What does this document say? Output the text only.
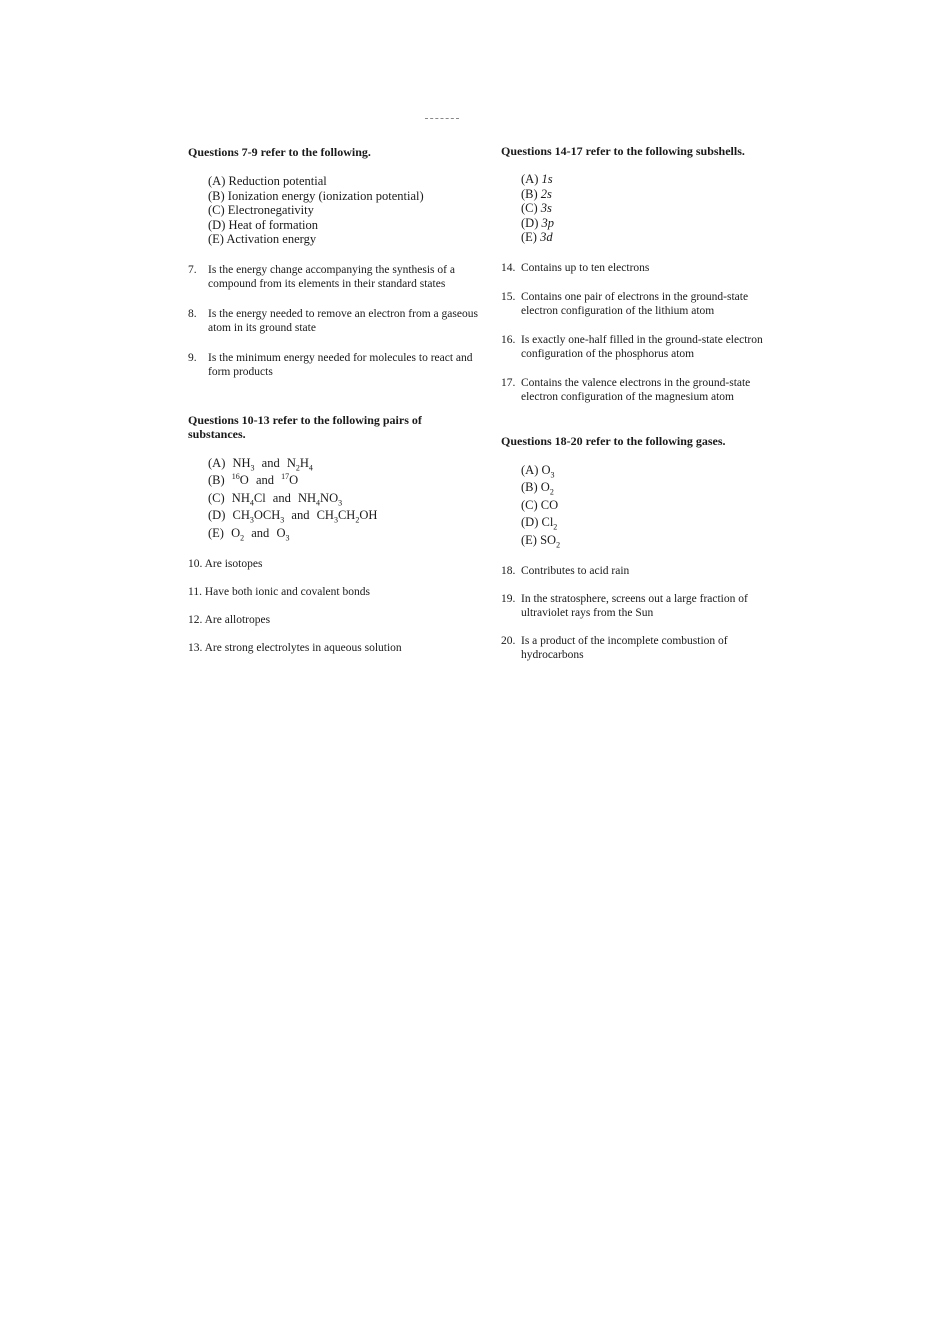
Questions 7-9 refer to the following.
(A) Reduction potential
(B) Ionization energy (ionization potential)
(C) Electronegativity
(D) Heat of formation
(E) Activation energy
7. Is the energy change accompanying the synthesis of a compound from its elements in their standard states
8. Is the energy needed to remove an electron from a gaseous atom in its ground state
9. Is the minimum energy needed for molecules to react and form products
Questions 10-13 refer to the following pairs of substances.
(A) $NH_3$ and $N_2H_4$
(B) $^{16}$O and $^{17}$O
(C) $NH_4Cl$ and $NH_4NO_3$
(D) $CH_3OCH_3$ and $CH_3CH_2OH$
(E) $O_2$ and $O_3$
10. Are isotopes
11. Have both ionic and covalent bonds
12. Are allotropes
13. Are strong electrolytes in aqueous solution
Questions 14-17 refer to the following subshells.
(A) 1s
(B) 2s
(C) 3s
(D) 3p
(E) 3d
14. Contains up to ten electrons
15. Contains one pair of electrons in the ground-state electron configuration of the lithium atom
16. Is exactly one-half filled in the ground-state electron configuration of the phosphorus atom
17. Contains the valence electrons in the ground-state electron configuration of the magnesium atom
Questions 18-20 refer to the following gases.
(A) $O_3$
(B) $O_2$
(C) CO
(D) $Cl_2$
(E) $SO_2$
18. Contributes to acid rain
19. In the stratosphere, screens out a large fraction of ultraviolet rays from the Sun
20. Is a product of the incomplete combustion of hydrocarbons
